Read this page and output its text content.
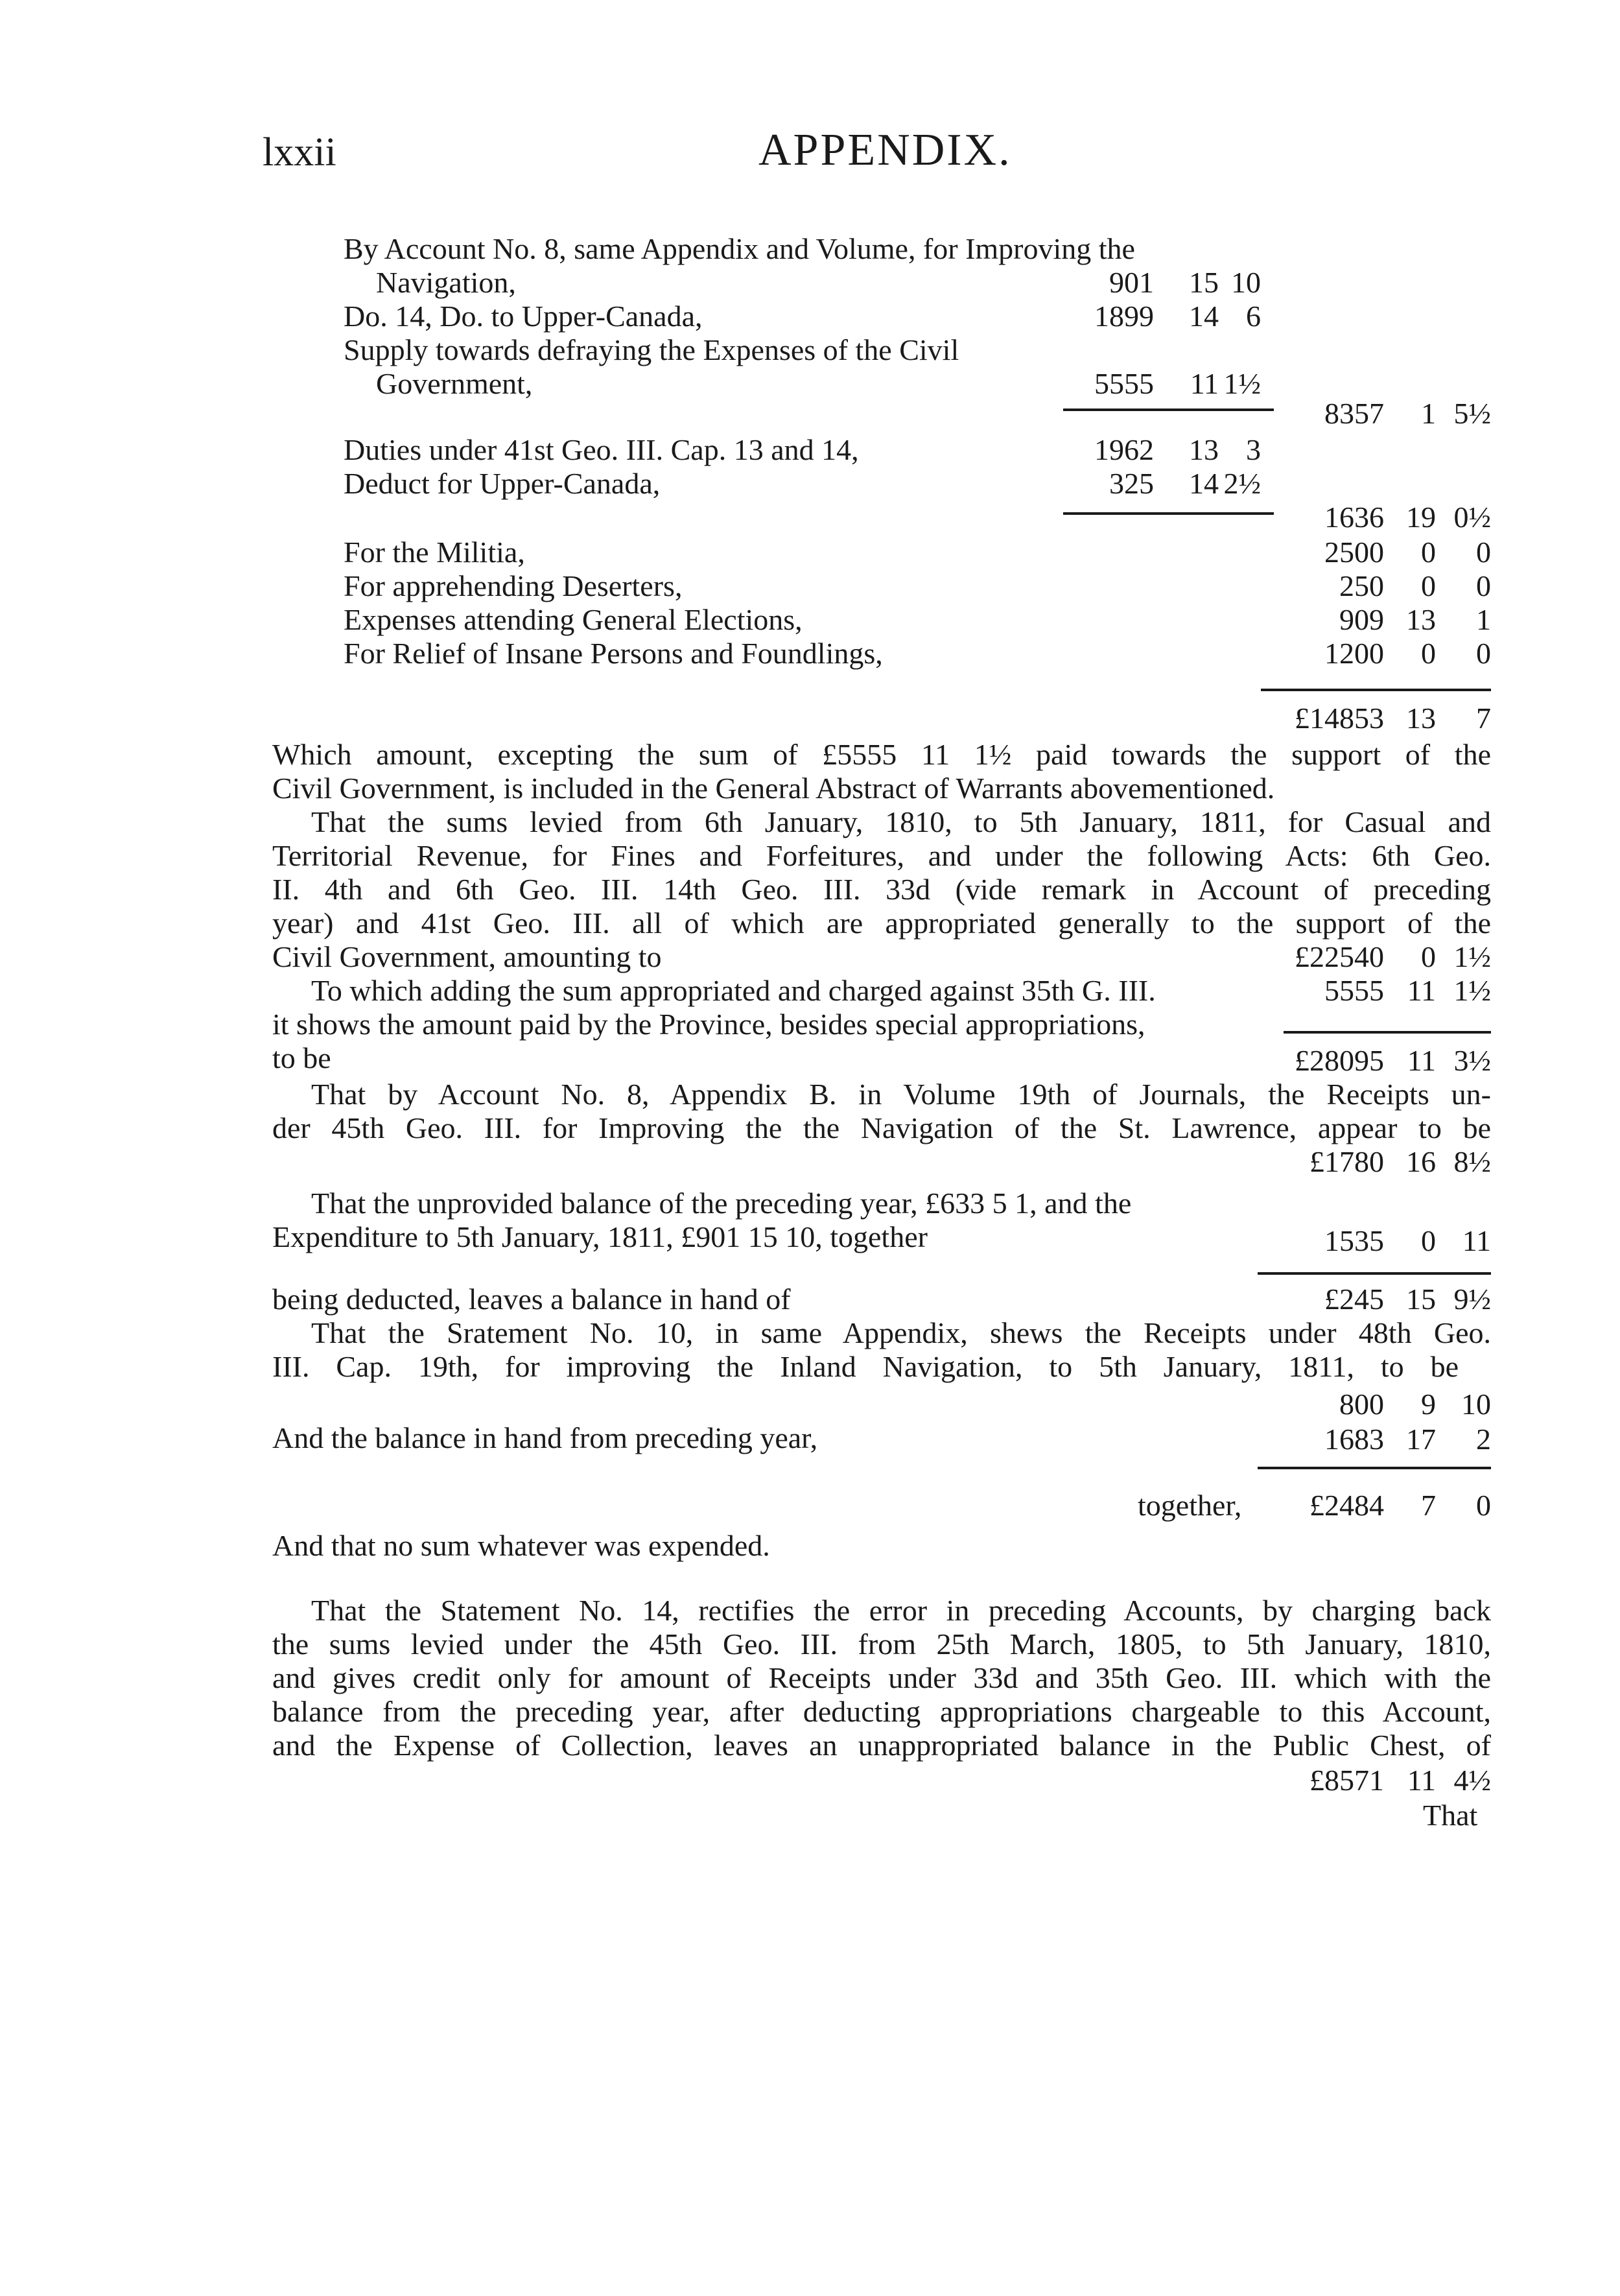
lxxii	APPENDIX.
By Account No. 8, same Appendix and Volume, for Improving the
Navigation,	901	15 10
Do. 14, Do. to Upper-Canada,	1899	14 6
Supply towards defraying the Expenses of the Civil
Government,	5555	11 1½
8357	1 5½
Duties under 41st Geo. III. Cap. 13 and 14,	1962	13 3
Deduct for Upper-Canada,	325	14 2½
1636 19 0½
For the Militia,	2500	0	0
For apprehending Deserters,	250	0	0
Expenses attending General Elections,	909 13	1
For Relief of Insane Persons and Foundlings,	1200	0	0
£14853 13	7
Which amount, excepting the sum of £5555 11 1½ paid towards the support of the
Civil Government, is included in the General Abstract of Warrants abovementioned.
That the sums levied from 6th January, 1810, to 5th January, 1811, for Casual and
Territorial Revenue, for Fines and Forfeitures, and under the following Acts: 6th Geo.
II. 4th and 6th Geo. III. 14th Geo. III. 33d (vide remark in Account of preceding
year) and 41st Geo. III. all of which are appropriated generally to the support of the
Civil Government, amounting to	£22540	0 1½
To which adding the sum appropriated and charged against 35th G. III.	5555 11 1½
it shows the amount paid by the Province, besides special appropriations,
to be	£28095 11 3½
That by Account No. 8, Appendix B. in Volume 19th of Journals, the Receipts un-
der 45th Geo. III. for Improving the the Navigation of the St. Lawrence, appear to be
£1780 16 8½
That the unprovided balance of the preceding year, £633 5 1, and the
Expenditure to 5th January, 1811, £901 15 10, together	1535	0 11
being deducted, leaves a balance in hand of	£245 15 9½
That the Sratement No. 10, in same Appendix, shews the Receipts under 48th Geo.
III. Cap. 19th, for improving the Inland Navigation, to 5th January, 1811, to be
800	9 10
And the balance in hand from preceding year,	1683 17	2
together,	£2484	7	0
And that no sum whatever was expended.
That the Statement No. 14, rectifies the error in preceding Accounts, by charging back
the sums levied under the 45th Geo. III. from 25th March, 1805, to 5th January, 1810,
and gives credit only for amount of Receipts under 33d and 35th Geo. III. which with the
balance from the preceding year, after deducting appropriations chargeable to this Account,
and the Expense of Collection, leaves an unappropriated balance in the Public Chest, of
£8571 11 4½
That
